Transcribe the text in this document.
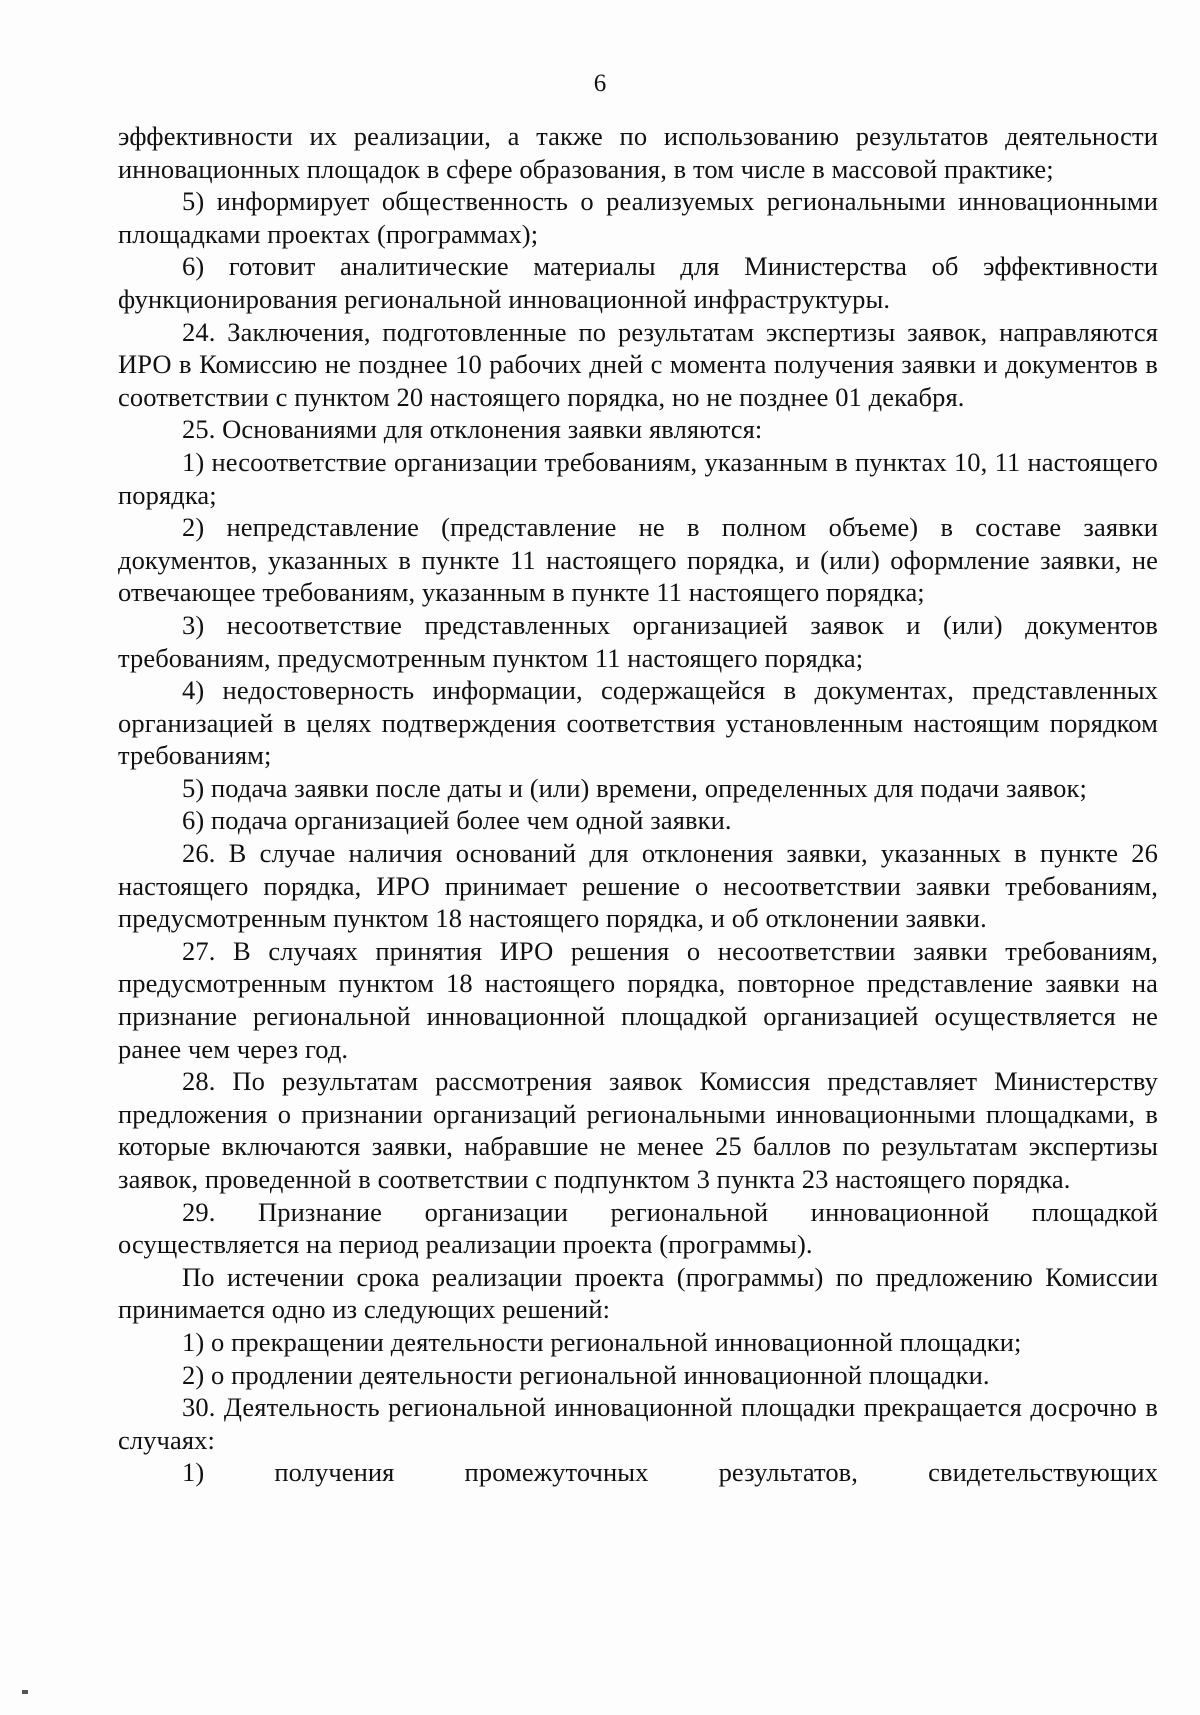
6

эффективности их реализации, а также по использованию результатов деятельности инновационных площадок в сфере образования, в том числе в массовой практике;

5) информирует общественность о реализуемых региональными инновационными площадками проектах (программах);

6) готовит аналитические материалы для Министерства об эффективности функционирования региональной инновационной инфраструктуры.

24. Заключения, подготовленные по результатам экспертизы заявок, направляются ИРО в Комиссию не позднее 10 рабочих дней с момента получения заявки и документов в соответствии с пунктом 20 настоящего порядка, но не позднее 01 декабря.

25. Основаниями для отклонения заявки являются:

1) несоответствие организации требованиям, указанным в пунктах 10, 11 настоящего порядка;

2) непредставление (представление не в полном объеме) в составе заявки документов, указанных в пункте 11 настоящего порядка, и (или) оформление заявки, не отвечающее требованиям, указанным в пункте 11 настоящего порядка;

3) несоответствие представленных организацией заявок и (или) документов требованиям, предусмотренным пунктом 11 настоящего порядка;

4) недостоверность информации, содержащейся в документах, представленных организацией в целях подтверждения соответствия установленным настоящим порядком требованиям;

5) подача заявки после даты и (или) времени, определенных для подачи заявок;

6) подача организацией более чем одной заявки.

26. В случае наличия оснований для отклонения заявки, указанных в пункте 26 настоящего порядка, ИРО принимает решение о несоответствии заявки требованиям, предусмотренным пунктом 18 настоящего порядка, и об отклонении заявки.

27. В случаях принятия ИРО решения о несоответствии заявки требованиям, предусмотренным пунктом 18 настоящего порядка, повторное представление заявки на признание региональной инновационной площадкой организацией осуществляется не ранее чем через год.

28. По результатам рассмотрения заявок Комиссия представляет Министерству предложения о признании организаций региональными инновационными площадками, в которые включаются заявки, набравшие не менее 25 баллов по результатам экспертизы заявок, проведенной в соответствии с подпунктом 3 пункта 23 настоящего порядка.

29. Признание организации региональной инновационной площадкой осуществляется на период реализации проекта (программы).

По истечении срока реализации проекта (программы) по предложению Комиссии принимается одно из следующих решений:

1) о прекращении деятельности региональной инновационной площадки;

2) о продлении деятельности региональной инновационной площадки.

30. Деятельность региональной инновационной площадки прекращается досрочно в случаях:

1) получения промежуточных результатов, свидетельствующих
